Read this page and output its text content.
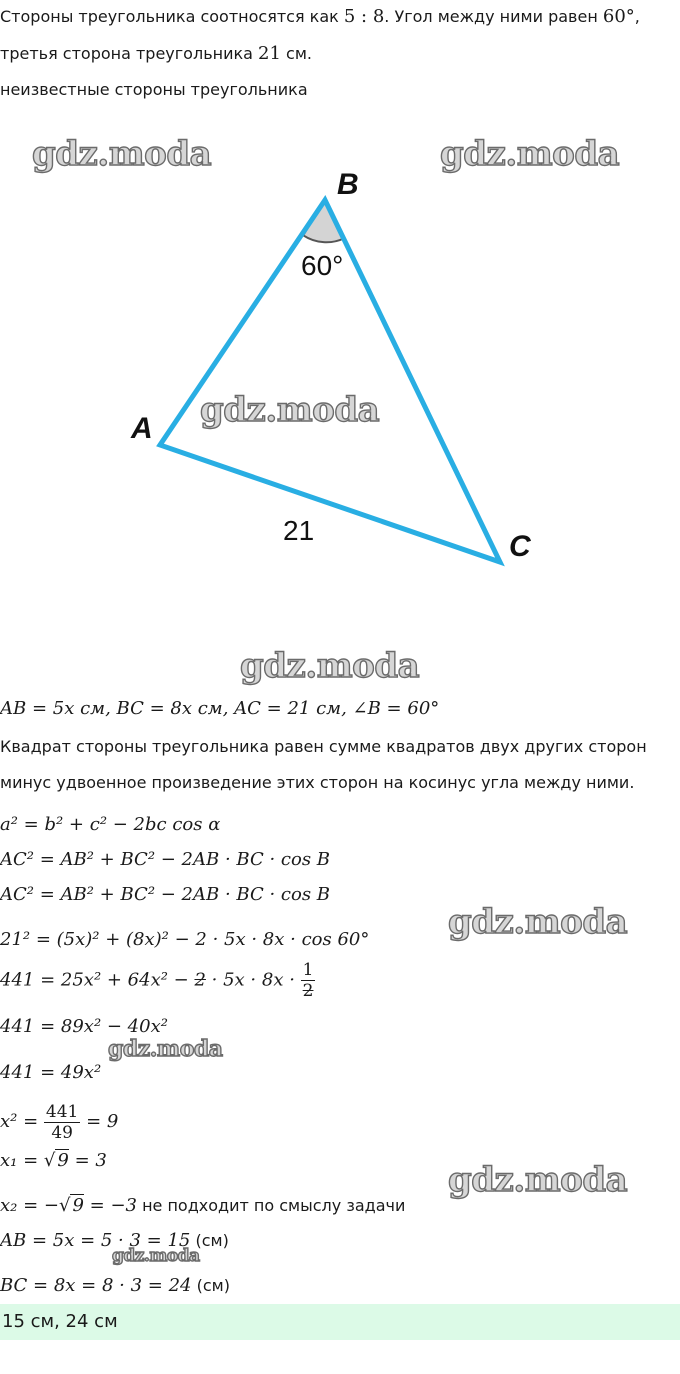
Стороны треугольника соотносятся как 5 : 8. Угол между ними равен 60°,
третья сторона треугольника 21 см.
неизвестные стороны треугольника
B
A
C
60°
21
gdz.moda	gdz.moda
gdz.moda
gdz.moda
gdz.moda
gdz.moda
gdz.moda
gdz.moda
AB = 5x см, BC = 8x см, AC = 21 см, ∠B = 60°
Квадрат стороны треугольника равен сумме квадратов двух других сторон
минус удвоенное произведение этих сторон на косинус угла между ними.
a² = b² + c² − 2bc cos α
AC² = AB² + BC² − 2AB · BC · cos B
AC² = AB² + BC² − 2AB · BC · cos B
21² = (5x)² + (8x)² − 2 · 5x · 8x · cos 60°
$441 = 25x^2 + 64x^2 - 2 \cdot 5x \cdot 8x \cdot \frac{1}{2}$
441 = 89x² − 40x²
441 = 49x²
$x^2 = \frac{441}{49} = 9$
x₁ = √ 9 = 3
x₂ = −√ 9 = −3 не подходит по смыслу задачи
AB = 5x = 5 · 3 = 15 (см)
BC = 8x = 8 · 3 = 24 (см)
15 см, 24 см
